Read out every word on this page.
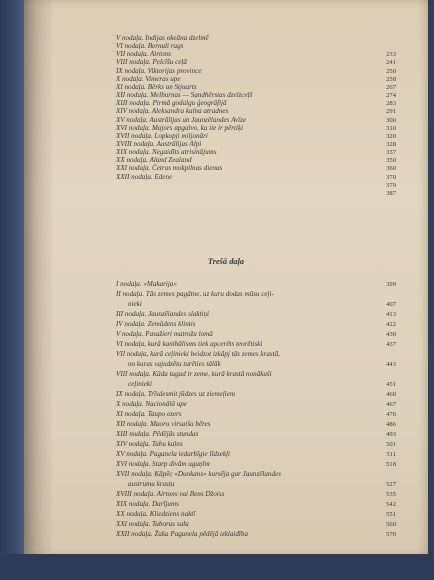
Trešā daļa
V nodaļa. Indijas okeāna dzelmē
VI nodaļa. Bernuli rags
VII nodaļa. Airtons	233
VIII nodaļa. Pelcīšu ceļā	241
IX nodaļa. Viktorijas province	250
X nodaļa. Vimeras upe	258
XI nodaļa. Bērks un Stjuarts	267
XII nodaļa. Melburnas — Sandhērstas dzelzceļš	274
XIII nodaļa. Pirmā godalgu ģeogrāfijā	283
XIV nodaļa. Aleksandra kalna atradnes	291
XV nodaļa. Austrālijas un Jaunzēlandes Avīze	300
XVI nodaļa. Majors apgalvo, ka tie ir pērtiķi	310
XVII nodaļa. Lopkopji miljonāri	320
XVIII nodaļa. Austrālijas Alpi	328
XIX nodaļa. Negaidīts atrisinājums	337
XX nodaļa. Aland Zealand	350
XXI nodaļa. Četras mokpilnas dienas	360
XXII nodaļa. Edene	370
379
387
I nodaļa. «Makarija»	399
II nodaļa. Tās zemes pagātne, uz kuru dodas mūsu ceļi-
nieki	407
III nodaļa. Jaunzēlandes slaktiņi	413
IV nodaļa. Zemūdens klintis	422
V nodaļa. Pasažieri matrožu lomā	430
VI nodaļa, kurā kanibālisms tiek apcerēts teorētiski	437
VII nodaļa, kurā ceļinieki beidzot izkāpj tās zemes krastā,
no kuras vajadzētu turēties tālāk	443
VIII nodaļa. Kāda tagad ir zeme, kurā krastā nonākuši
ceļinieki	451
IX nodaļa. Trīsdesmit jūdzes uz ziemeļiem	460
X nodaļa. Nacionālā upe	467
XI nodaļa. Taupo ezers	476
XII nodaļa. Maoru virsaiša bēres	486
XIII nodaļa. Pēdējās stundas	493
XIV nodaļa. Tabu kalns	501
XV nodaļa. Paganela iedarbīgie līdzekļi	511
XVI nodaļa. Starp divām uguņīm	518
XVII nodaļa. Kāpēc «Dunkans» kursēja gar Jaunzēlandes
austrumu krastu	527
XVIII nodaļa. Airtons vai Bens Džoiss	535
XIX nodaļa. Darījums	542
XX nodaļa. Kliedziens naktī	551
XXI nodaļa. Taboras sala	560
XXII nodaļa. Žaka Paganela pēdējā izklaidība	570
